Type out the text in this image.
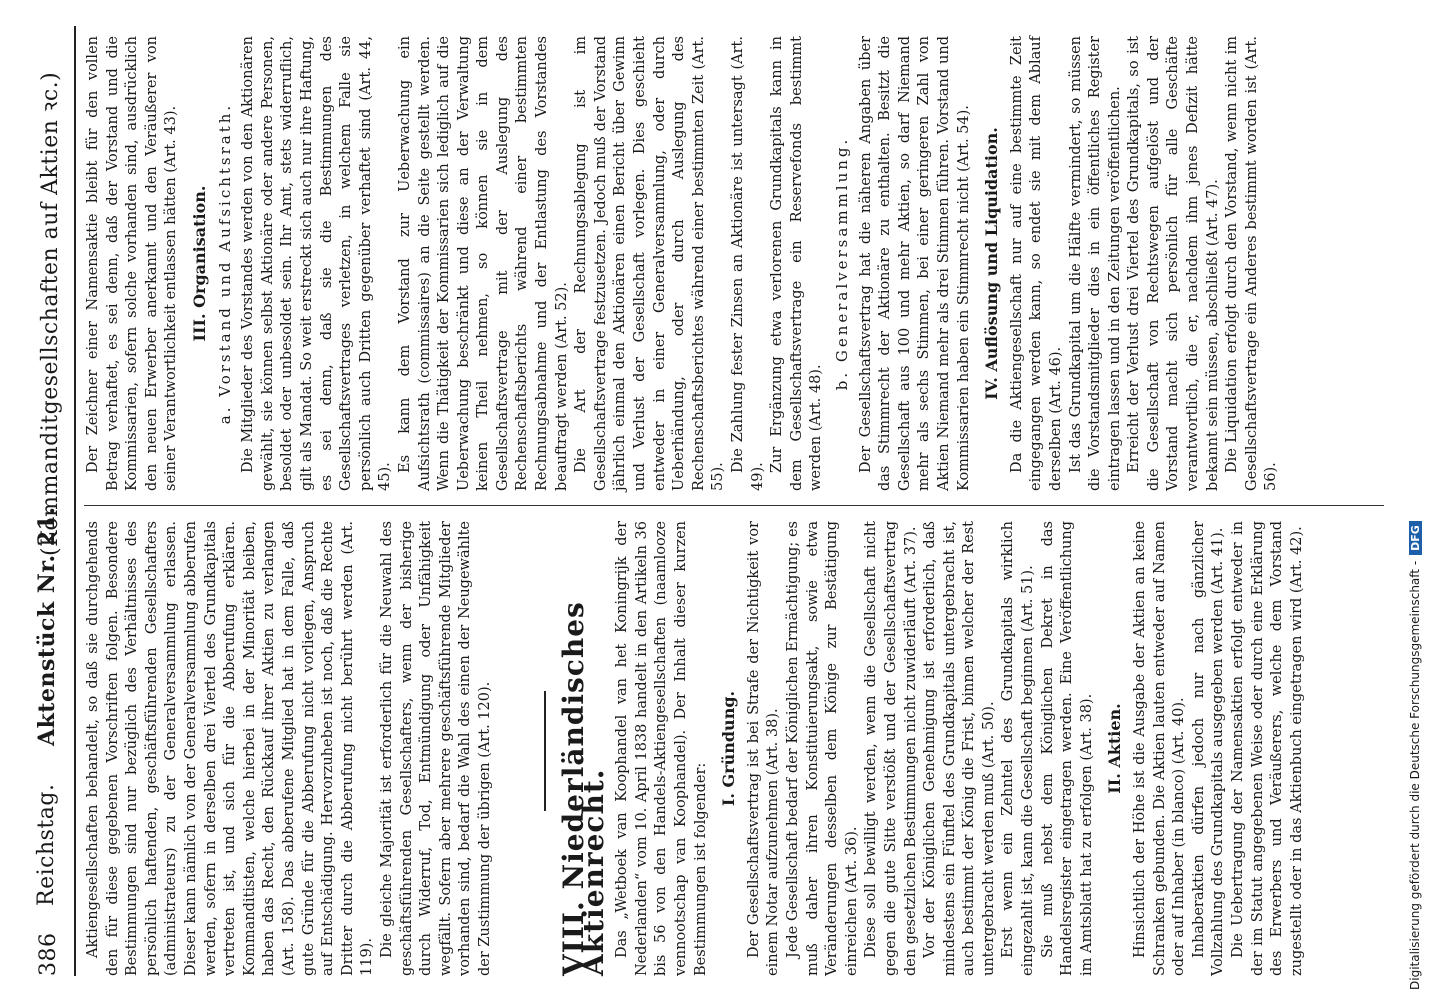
386
Reichstag.
Aktenstück Nr. 21.
(Kommanditgesellschaften auf Aktien ꝛc.)

Aktiengesellschaften behandelt, so daß sie durchgehends den für diese gegebenen Vorschriften folgen. Besondere Bestimmungen sind nur bezüglich des Verhältnisses des persönlich haftenden, geschäftsführenden Gesellschafters (administrateurs) zu der Generalversammlung erlassen. Dieser kann nämlich von der Generalversammlung abberufen werden, sofern in derselben drei Viertel des Grundkapitals vertreten ist, und sich für die Abberufung erklären. Kommanditisten, welche hierbei in der Minorität bleiben, haben das Recht, den Rückkauf ihrer Aktien zu verlangen (Art. 158). Das abberufene Mitglied hat in dem Falle, daß gute Gründe für die Abberufung nicht vorliegen, Anspruch auf Entschädigung. Hervorzuheben ist noch, daß die Rechte Dritter durch die Abberufung nicht berührt werden (Art. 119). Die gleiche Majorität ist erforderlich für die Neuwahl des geschäftsführenden Gesellschafters, wenn der bisherige durch Widerruf, Tod, Entmündigung oder Unfähigkeit wegfällt. Sofern aber mehrere geschäftsführende Mitglieder vorhanden sind, bedarf die Wahl des einen der Neugewählte der Zustimmung der übrigen (Art. 120). VIII. Niederländisches Aktienrecht. Das „Wetboek van Koophandel van het Koningrijk der Nederlanden“ vom 10. April 1838 handelt in den Artikeln 36 bis 56 von den Handels-Aktiengesellschaften (naamlooze vennootschap van Koophandel). Der Inhalt dieser kurzen Bestimmungen ist folgender:

I. Gründung. Der Gesellschaftsvertrag ist bei Strafe der Nichtigkeit vor einem Notar aufzunehmen (Art. 38). Jede Gesellschaft bedarf der Königlichen Ermächtigung; es muß daher ihren Konstituierungsakt, sowie etwa Veränderungen desselben dem Könige zur Bestätigung einreichen (Art. 36). Diese soll bewilligt werden, wenn die Gesellschaft nicht gegen die gute Sitte verstößt und der Gesellschaftsvertrag den gesetzlichen Bestimmungen nicht zuwiderläuft (Art. 37). Vor der Königlichen Genehmigung ist erforderlich, daß mindestens ein Fünftel des Grundkapitals untergebracht ist, auch bestimmt der König die Frist, binnen welcher der Rest untergebracht werden muß (Art. 50). Erst wenn ein Zehntel des Grundkapitals wirklich eingezahlt ist, kann die Gesellschaft beginnen (Art. 51). Sie muß nebst dem Königlichen Dekret in das Handelsregister eingetragen werden. Eine Veröffentlichung im Amtsblatt hat zu erfolgen (Art. 38). II. Aktien. Hinsichtlich der Höhe ist die Ausgabe der Aktien an keine Schranken gebunden. Die Aktien lauten entweder auf Namen oder auf Inhaber (in blanco) (Art. 40). Inhaberaktien dürfen jedoch nur nach gänzlicher Vollzahlung des Grundkapitals ausgegeben werden (Art. 41). Die Uebertragung der Namensaktien erfolgt entweder in der im Statut angegebenen Weise oder durch eine Erklärung des Erwerbers und Veräußerers, welche dem Vorstand zugestellt oder in das Aktienbuch eingetragen wird (Art. 42).

Der Zeichner einer Namensaktie bleibt für den vollen Betrag verhaftet, es sei denn, daß der Vorstand und die Kommissarien, sofern solche vorhanden sind, ausdrücklich den neuen Erwerber anerkannt und den Veräußerer von seiner Verantwortlichkeit entlassen hätten (Art. 43). III. Organisation. a. Vorstand und Aufsichtsrath. Die Mitglieder des Vorstandes werden von den Aktionären gewählt, sie können selbst Aktionäre oder andere Personen, besoldet oder unbesoldet sein. Ihr Amt, stets widerruflich, gilt als Mandat. So weit erstreckt sich auch nur ihre Haftung, es sei denn, daß sie die Bestimmungen des Gesellschaftsvertrages verletzen, in welchem Falle sie persönlich auch Dritten gegenüber verhaftet sind (Art. 44, 45).

Es kann dem Vorstand zur Ueberwachung ein Aufsichtsrath (commissaires) an die Seite gestellt werden. Wenn die Thätigkeit der Kommissarien sich lediglich auf die Ueberwachung beschränkt und diese an der Verwaltung keinen Theil nehmen, so können sie in dem Gesellschaftsvertrage mit der Auslegung des Rechenschaftsberichts während einer bestimmten Rechnungsabnahme und der Entlastung des Vorstandes beauftragt werden (Art. 52). Die Art der Rechnungsablegung ist im Gesellschaftsvertrage festzusetzen. Jedoch muß der Vorstand jährlich einmal den Aktionären einen Bericht über Gewinn und Verlust der Gesellschaft vorlegen. Dies geschieht entweder in einer Generalversammlung, oder durch Ueberhändung, oder durch Auslegung des Rechenschaftsberichtes während einer bestimmten Zeit (Art. 55).

Die Zahlung fester Zinsen an Aktionäre ist untersagt (Art. 49).

Zur Ergänzung etwa verlorenen Grundkapitals kann in dem Gesellschaftsvertrage ein Reservefonds bestimmt werden (Art. 48).

b. Generalversammlung. Der Gesellschaftsvertrag hat die näheren Angaben über das Stimmrecht der Aktionäre zu enthalten. Besitzt die Gesellschaft aus 100 und mehr Aktien, so darf Niemand mehr als sechs Stimmen, bei einer geringeren Zahl von Aktien Niemand mehr als drei Stimmen führen. Vorstand und Kommissarien haben ein Stimmrecht nicht (Art. 54). IV. Auflösung und Liquidation. Da die Aktiengesellschaft nur auf eine bestimmte Zeit eingegangen werden kann, so endet sie mit dem Ablauf derselben (Art. 46). Ist das Grundkapital um die Hälfte vermindert, so müssen die Vorstandsmitglieder dies in ein öffentliches Register eintragen lassen und in den Zeitungen veröffentlichen. Erreicht der Verlust drei Viertel des Grundkapitals, so ist die Gesellschaft von Rechtswegen aufgelöst und der Vorstand macht sich persönlich für alle Geschäfte verantwortlich, die er, nachdem ihm jenes Defizit hätte bekannt sein müssen, abschließt (Art. 47). Die Liquidation erfolgt durch den Vorstand, wenn nicht im Gesellschaftsvertrage ein Anderes bestimmt worden ist (Art. 56).

Digitalisierung gefördert durch die Deutsche Forschungsgemeinschaft -DFG
